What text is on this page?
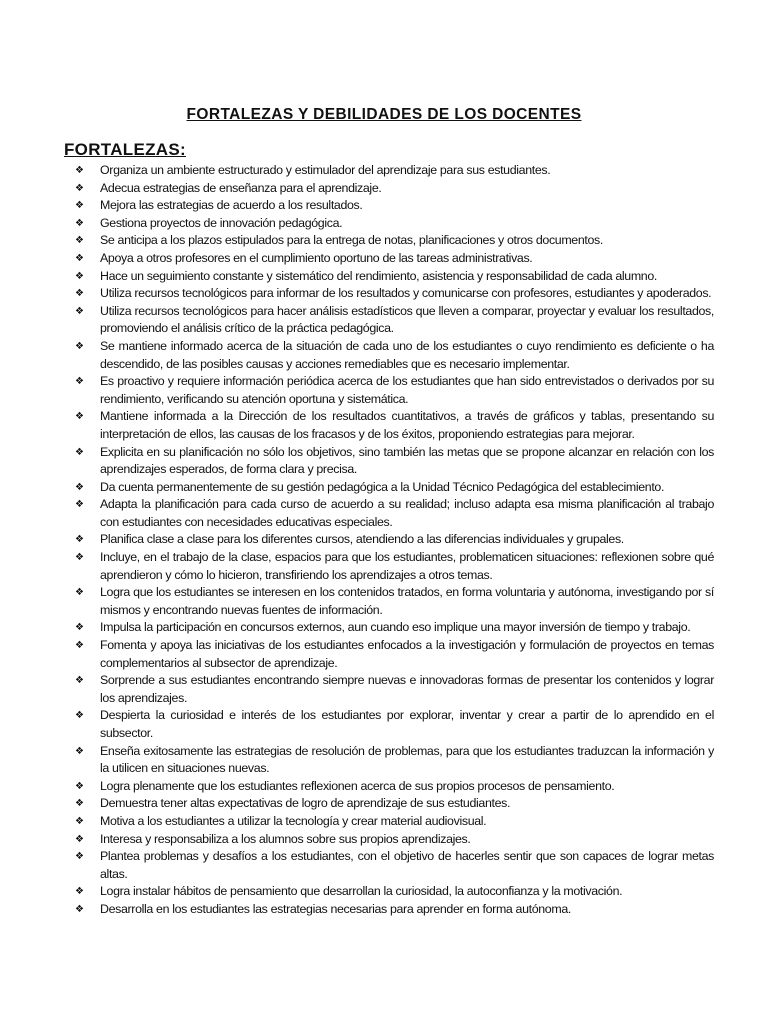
FORTALEZAS Y DEBILIDADES DE LOS DOCENTES
FORTALEZAS:
❖	Organiza un ambiente estructurado y estimulador del aprendizaje para sus estudiantes.
❖	Adecua estrategias de enseñanza para el aprendizaje.
❖	Mejora las estrategias de acuerdo a los resultados.
❖	Gestiona proyectos de innovación pedagógica.
❖	Se anticipa a los plazos estipulados para la entrega de notas, planificaciones y otros documentos.
❖	Apoya a otros profesores en el cumplimiento oportuno de las tareas administrativas.
❖	Hace un seguimiento constante y sistemático del rendimiento, asistencia y responsabilidad de cada alumno.
❖	Utiliza recursos tecnológicos para informar de los resultados y comunicarse con profesores, estudiantes y apoderados.
❖	Utiliza recursos tecnológicos para hacer análisis estadísticos que lleven a comparar, proyectar y evaluar los resultados, promoviendo el análisis crítico de la práctica pedagógica.
❖	Se mantiene informado acerca de la situación de cada uno de los estudiantes o cuyo rendimiento es deficiente o ha descendido, de las posibles causas y acciones remediables que es necesario implementar.
❖	Es proactivo y requiere información periódica acerca de los estudiantes que han sido entrevistados o derivados por su rendimiento, verificando su atención oportuna y sistemática.
❖	Mantiene informada a la Dirección de los resultados cuantitativos, a través de gráficos y tablas, presentando su interpretación de ellos, las causas de los fracasos y de los éxitos, proponiendo estrategias para mejorar.
❖	Explicita en su planificación no sólo los objetivos, sino también las metas que se propone alcanzar en relación con los aprendizajes esperados, de forma clara y precisa.
❖	Da cuenta permanentemente de su gestión pedagógica a la Unidad Técnico Pedagógica del establecimiento.
❖	Adapta la planificación para cada curso de acuerdo a su realidad; incluso adapta esa misma planificación al trabajo con estudiantes con necesidades educativas especiales.
❖	Planifica clase a clase para los diferentes cursos, atendiendo a las diferencias individuales y grupales.
❖	Incluye, en el trabajo de la clase, espacios para que los estudiantes, problematicen situaciones: reflexionen sobre qué aprendieron y cómo lo hicieron, transfiriendo los aprendizajes a otros temas.
❖	Logra que los estudiantes se interesen en los contenidos tratados, en forma voluntaria y autónoma, investigando por sí mismos y encontrando nuevas fuentes de información.
❖	Impulsa la participación en concursos externos, aun cuando eso implique una mayor inversión de tiempo y trabajo.
❖	Fomenta y apoya las iniciativas de los estudiantes enfocados a la investigación y formulación de proyectos en temas complementarios al subsector de aprendizaje.
❖	Sorprende a sus estudiantes encontrando siempre nuevas e innovadoras formas de presentar los contenidos y lograr los aprendizajes.
❖	Despierta la curiosidad e interés de los estudiantes por explorar, inventar y crear a partir de lo aprendido en el subsector.
❖	Enseña exitosamente las estrategias de resolución de problemas, para que los estudiantes traduzcan la información y la utilicen en situaciones nuevas.
❖	Logra plenamente que los estudiantes reflexionen acerca de sus propios procesos de pensamiento.
❖	Demuestra tener altas expectativas de logro de aprendizaje de sus estudiantes.
❖	Motiva a los estudiantes a utilizar la tecnología y crear material audiovisual.
❖	Interesa y responsabiliza a los alumnos sobre sus propios aprendizajes.
❖	Plantea problemas y desafíos a los estudiantes, con el objetivo de hacerles sentir que son capaces de lograr metas altas.
❖	Logra instalar hábitos de pensamiento que desarrollan la curiosidad, la autoconfianza y la motivación.
❖	Desarrolla en los estudiantes las estrategias necesarias para aprender en forma autónoma.
